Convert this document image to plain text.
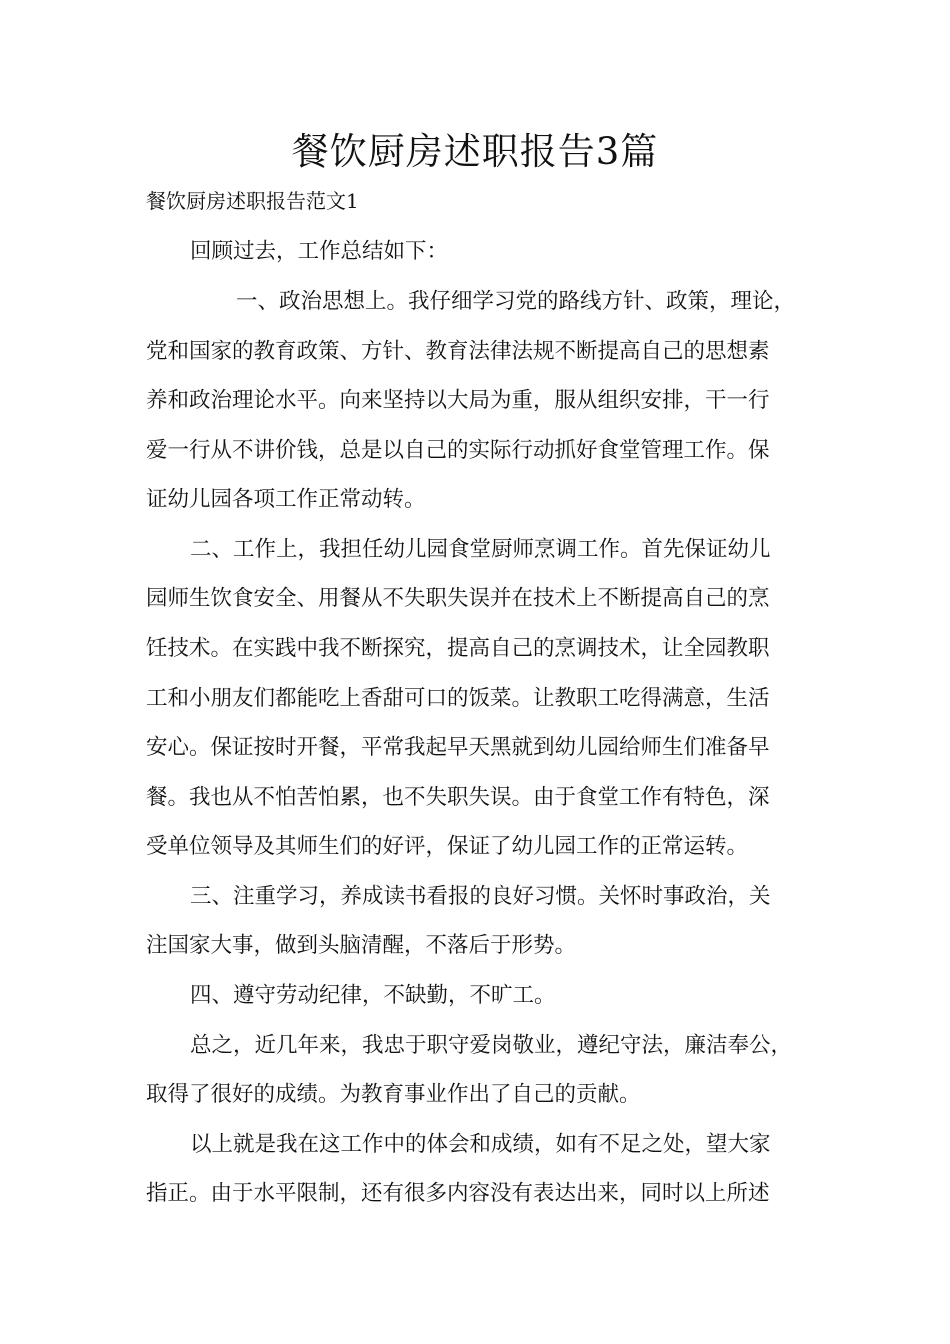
餐饮厨房述职报告3篇
餐饮厨房述职报告范文1
回顾过去，工作总结如下：
一、政治思想上。我仔细学习党的路线方针、政策，理论，
党和国家的教育政策、方针、教育法律法规不断提高自己的思想素
养和政治理论水平。向来坚持以大局为重，服从组织安排，干一行
爱一行从不讲价钱，总是以自己的实际行动抓好食堂管理工作。保
证幼儿园各项工作正常动转。
二、工作上，我担任幼儿园食堂厨师烹调工作。首先保证幼儿
园师生饮食安全、用餐从不失职失误并在技术上不断提高自己的烹
饪技术。在实践中我不断探究，提高自己的烹调技术，让全园教职
工和小朋友们都能吃上香甜可口的饭菜。让教职工吃得满意，生活
安心。保证按时开餐，平常我起早天黑就到幼儿园给师生们准备早
餐。我也从不怕苦怕累，也不失职失误。由于食堂工作有特色，深
受单位领导及其师生们的好评，保证了幼儿园工作的正常运转。
三、注重学习，养成读书看报的良好习惯。关怀时事政治，关
注国家大事，做到头脑清醒，不落后于形势。
四、遵守劳动纪律，不缺勤，不旷工。
总之，近几年来，我忠于职守爱岗敬业，遵纪守法，廉洁奉公，
取得了很好的成绩。为教育事业作出了自己的贡献。
以上就是我在这工作中的体会和成绩，如有不足之处，望大家
指正。由于水平限制，还有很多内容没有表达出来，同时以上所述
